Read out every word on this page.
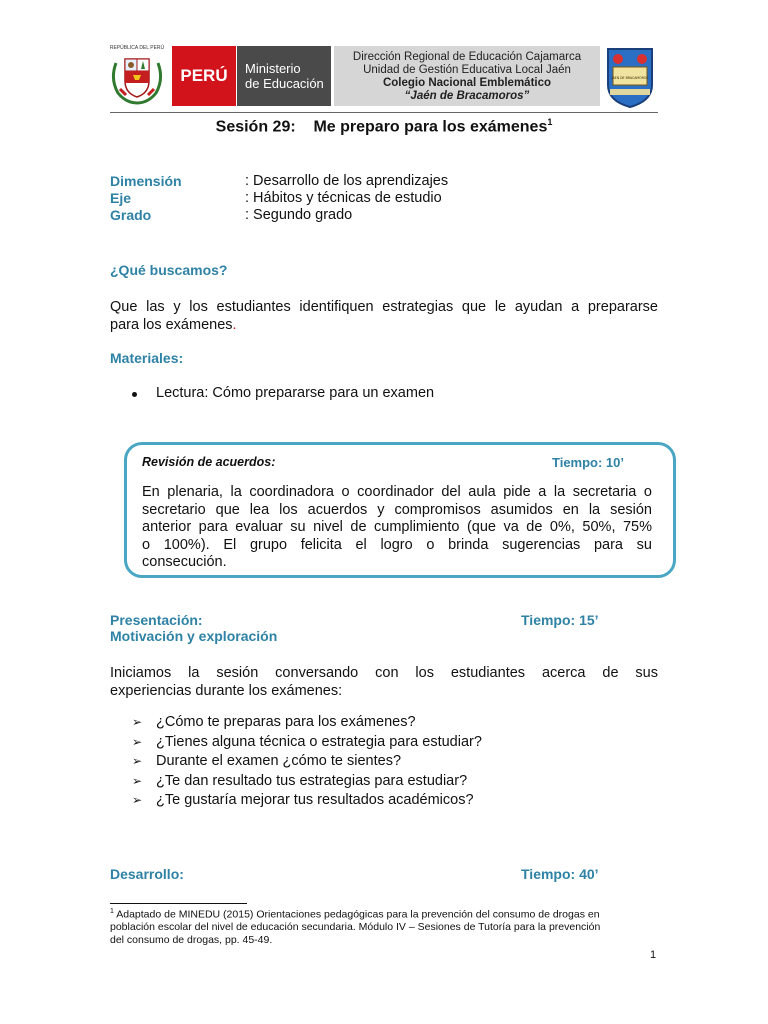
REPÚBLICA DEL PERÚ
PERÚ	Ministerio
de Educación
Dirección Regional de Educación Cajamarca
Unidad de Gestión Educativa Local Jaén
Colegio Nacional Emblemático
“Jaén de Bracamoros”
JAEN DE BRACAMOROS
Sesión 29: Me preparo para los exámenes$^1$
Dimensión	: Desarrollo de los aprendizajes
Eje	: Hábitos y técnicas de estudio
Grado	: Segundo grado
¿Qué buscamos?
Que las y los estudiantes identifiquen estrategias que le ayudan a prepararse
para los exámenes.
Materiales:
Lectura: Cómo prepararse para un examen
Revisión de acuerdos:	Tiempo: 10’
En plenaria, la coordinadora o coordinador del aula pide a la secretaria o
secretario que lea los acuerdos y compromisos asumidos en la sesión
anterior para evaluar su nivel de cumplimiento (que va de 0%, 50%, 75%
o 100%). El grupo felicita el logro o brinda sugerencias para su
consecución.
Presentación:	Tiempo: 15’
Motivación y exploración
Iniciamos la sesión conversando con los estudiantes acerca de sus
experiencias durante los exámenes:
➢ ¿Cómo te preparas para los exámenes?
➢ ¿Tienes alguna técnica o estrategia para estudiar?
➢ Durante el examen ¿cómo te sientes?
➢ ¿Te dan resultado tus estrategias para estudiar?
➢ ¿Te gustaría mejorar tus resultados académicos?
Desarrollo:	Tiempo: 40’
$^1$ Adaptado de MINEDU (2015) Orientaciones pedagógicas para la prevención del consumo de drogas en
población escolar del nivel de educación secundaria. Módulo IV – Sesiones de Tutoría para la prevención
del consumo de drogas, pp. 45-49.
1
